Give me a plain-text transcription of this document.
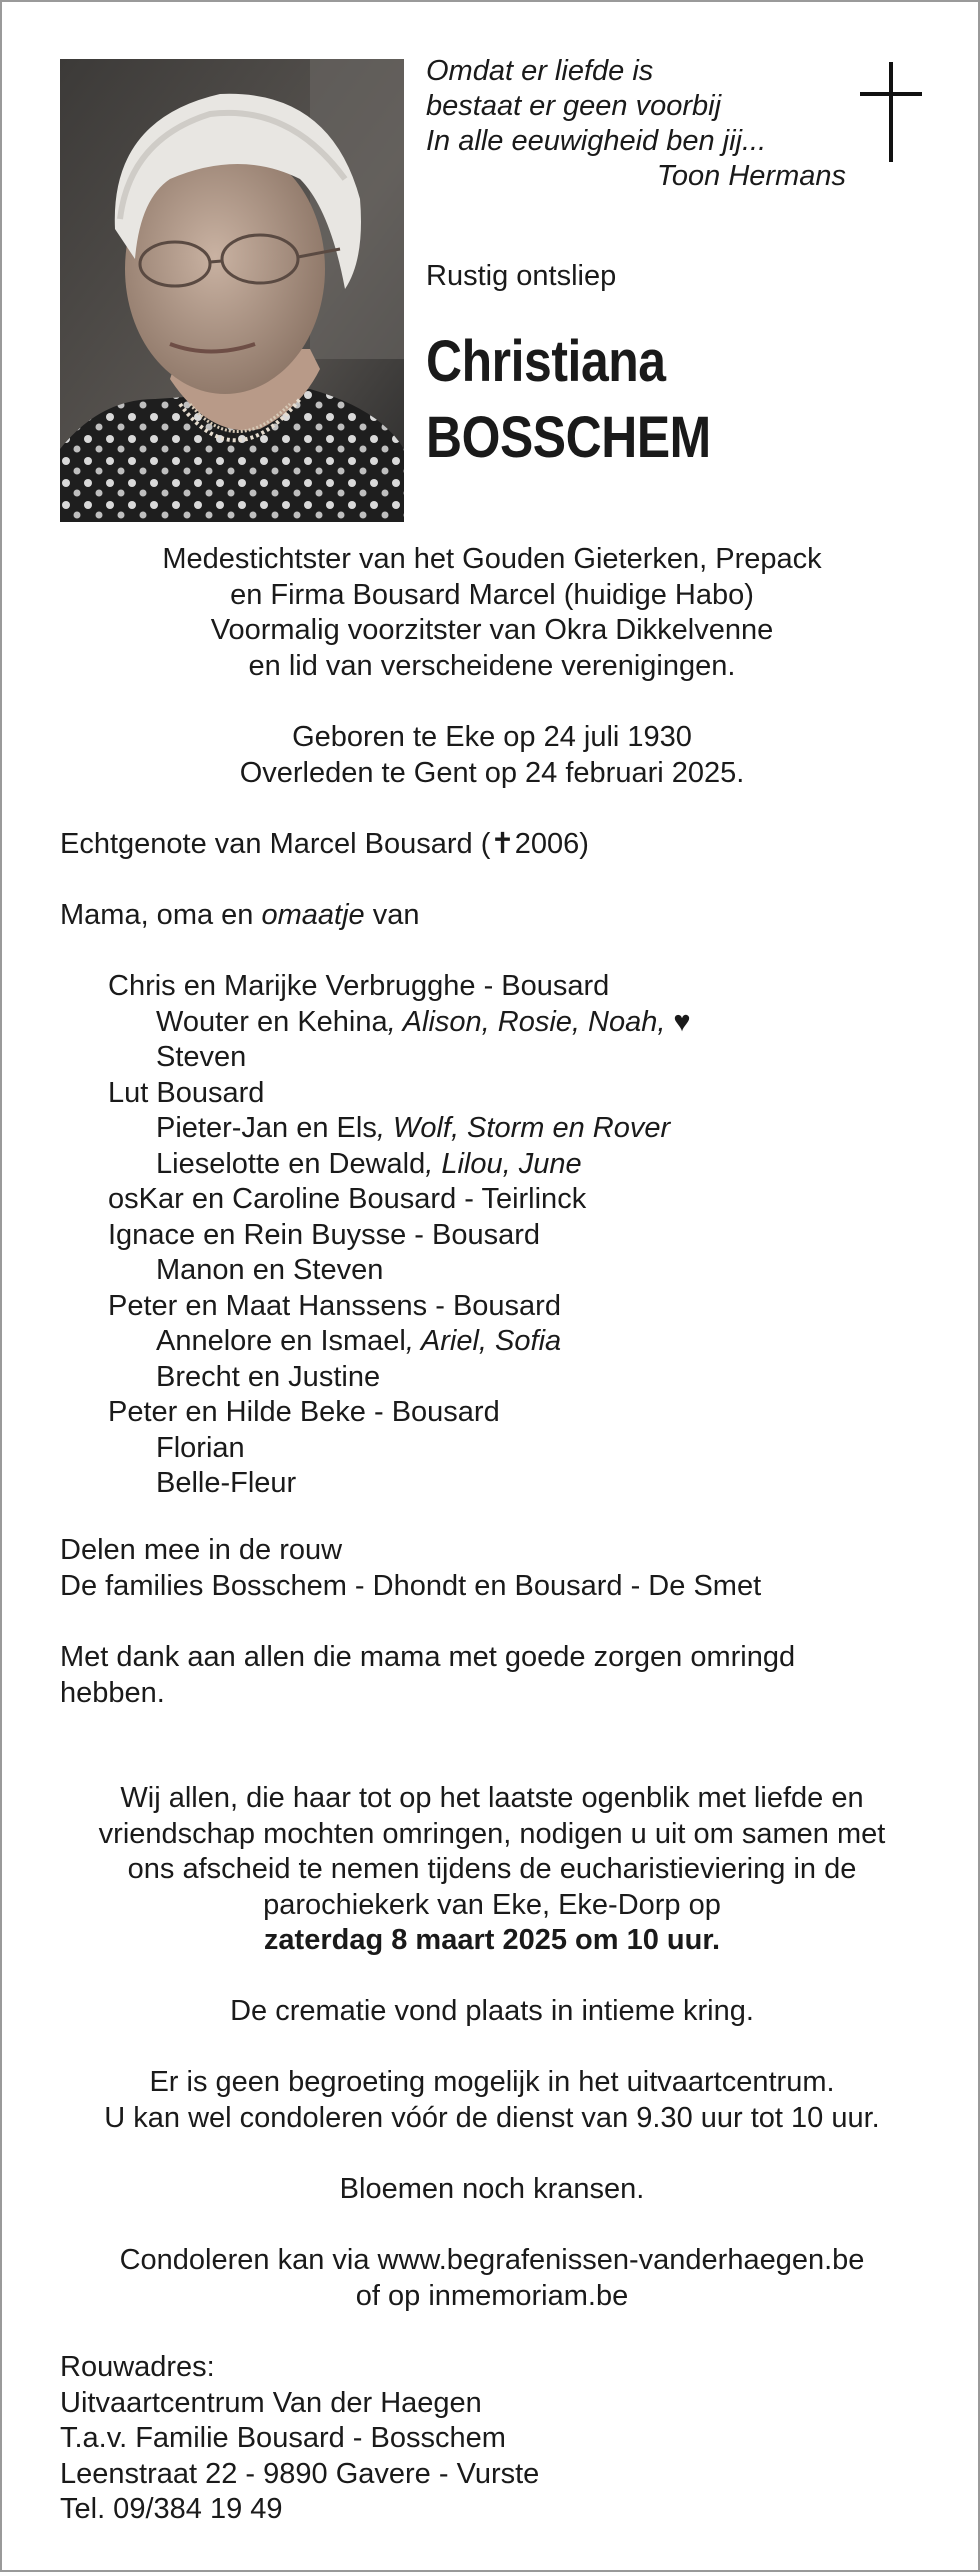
Omdat er liefde is
bestaat er geen voorbij
In alle eeuwigheid ben jij...
Toon Hermans
Rustig ontsliep
Christiana
BOSSCHEM
Medestichtster van het Gouden Gieterken, Prepack
en Firma Bousard Marcel (huidige Habo)
Voormalig voorzitster van Okra Dikkelvenne
en lid van verscheidene verenigingen.
Geboren te Eke op 24 juli 1930
Overleden te Gent op 24 februari 2025.
Echtgenote van Marcel Bousard (✝2006)
Mama, oma en omaatje van
Chris en Marijke Verbrugghe - Bousard
Wouter en Kehina, Alison, Rosie, Noah, ♥
Steven
Lut Bousard
Pieter-Jan en Els, Wolf, Storm en Rover
Lieselotte en Dewald, Lilou, June
osKar en Caroline Bousard - Teirlinck
Ignace en Rein Buysse - Bousard
Manon en Steven
Peter en Maat Hanssens - Bousard
Annelore en Ismael, Ariel, Sofia
Brecht en Justine
Peter en Hilde Beke - Bousard
Florian
Belle-Fleur
Delen mee in de rouw
De families Bosschem - Dhondt en Bousard - De Smet
Met dank aan allen die mama met goede zorgen omringd
hebben.
Wij allen, die haar tot op het laatste ogenblik met liefde en
vriendschap mochten omringen, nodigen u uit om samen met
ons afscheid te nemen tijdens de eucharistieviering in de
parochiekerk van Eke, Eke-Dorp op
zaterdag 8 maart 2025 om 10 uur.
De crematie vond plaats in intieme kring.
Er is geen begroeting mogelijk in het uitvaartcentrum.
U kan wel condoleren vóór de dienst van 9.30 uur tot 10 uur.
Bloemen noch kransen.
Condoleren kan via www.begrafenissen-vanderhaegen.be
of op inmemoriam.be
Rouwadres:
Uitvaartcentrum Van der Haegen
T.a.v. Familie Bousard - Bosschem
Leenstraat 22 - 9890 Gavere - Vurste
Tel. 09/384 19 49
